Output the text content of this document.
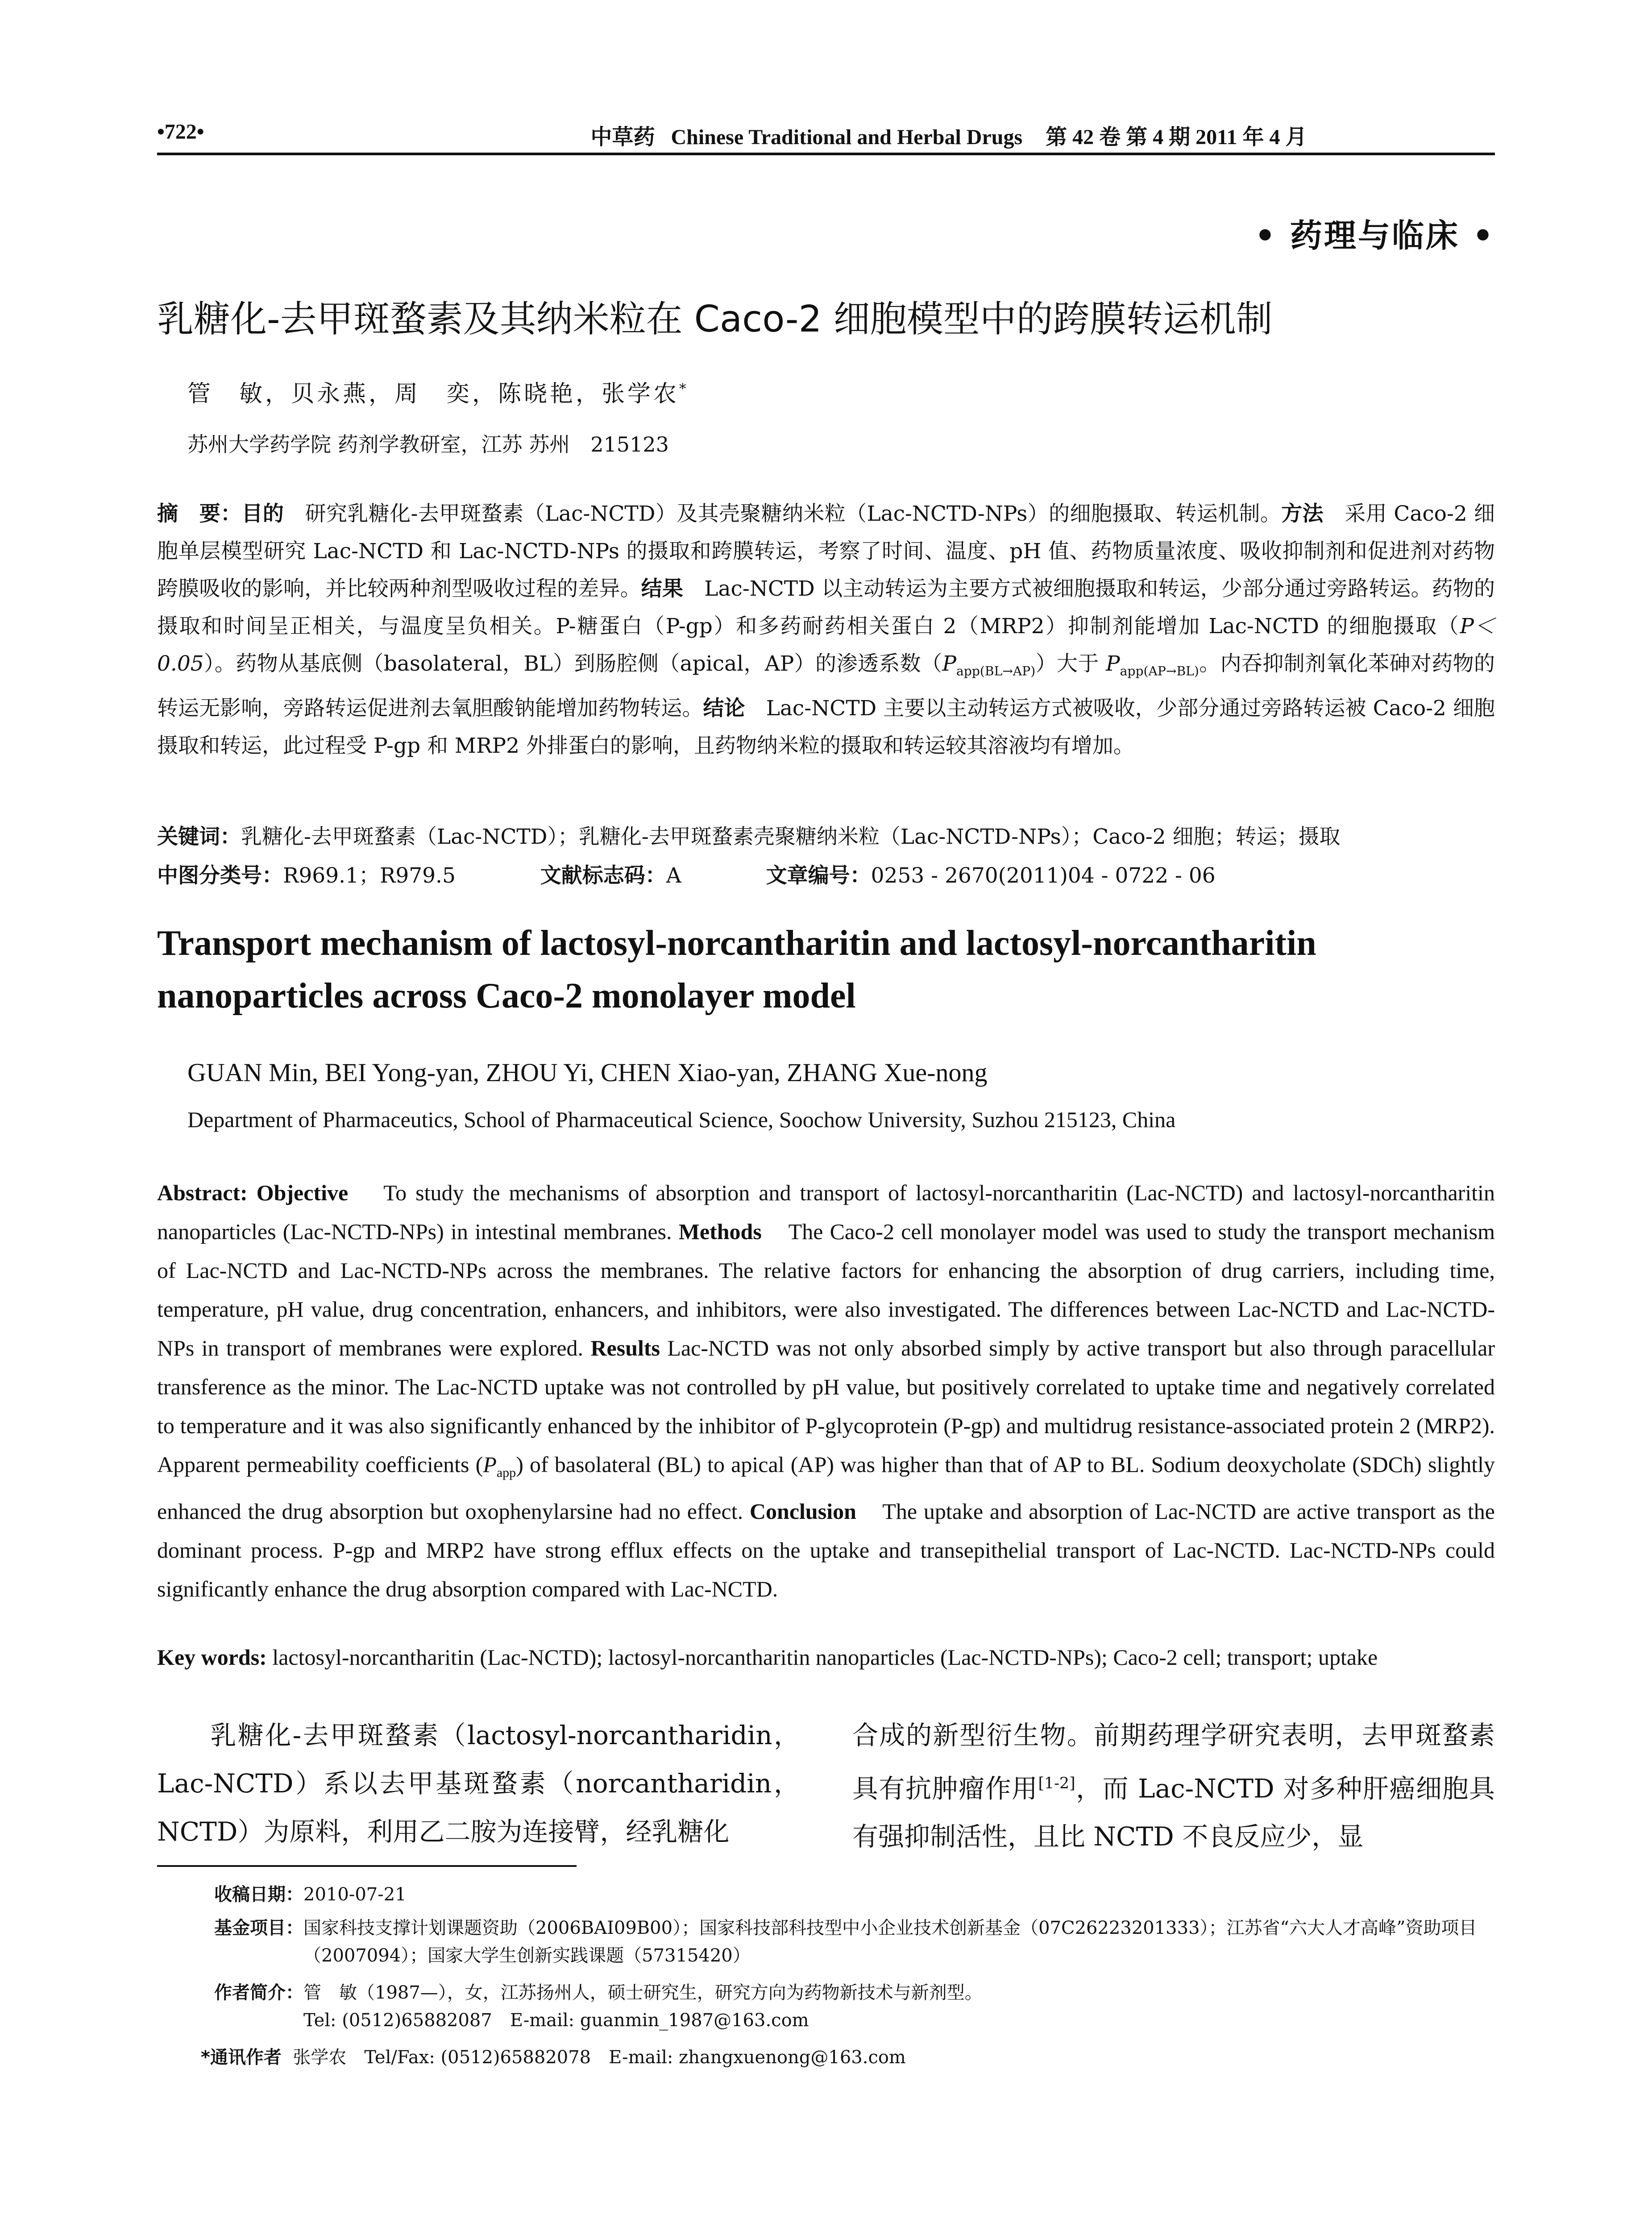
•722•	中草药 Chinese Traditional and Herbal Drugs 第 42 卷 第 4 期 2011 年 4 月
• 药理与临床 •
乳糖化-去甲斑蝥素及其纳米粒在 Caco-2 细胞模型中的跨膜转运机制
管　敏，贝永燕，周　奕，陈晓艳，张学农*
苏州大学药学院 药剂学教研室，江苏 苏州　215123
摘　要：目的　 研究乳糖化-去甲斑蝥素（Lac-NCTD）及其壳聚糖纳米粒（Lac-NCTD-NPs）的细胞摄取、转运机制。方法　 采用 Caco-2 细胞单层模型研究 Lac-NCTD 和 Lac-NCTD-NPs 的摄取和跨膜转运，考察了时间、温度、pH 值、药物质量浓度、吸收抑制剂和促进剂对药物跨膜吸收的影响，并比较两种剂型吸收过程的差异。结果　 Lac-NCTD 以主动转运为主要方式被细胞摄取和转运，少部分通过旁路转运。药物的摄取和时间呈正相关，与温度呈负相关。P-糖蛋白（P-gp）和多药耐药相关蛋白 2（MRP2）抑制剂能增加 Lac-NCTD 的细胞摄取（P＜0.05）。药物从基底侧（basolateral，BL）到肠腔侧（apical，AP）的渗透系数$(P_{app(BL\to AP)})$大于 $P_{app(AP\to BL)}$。内吞抑制剂氧化苯砷对药物的转运无影响，旁路转运促进剂去氧胆酸钠能增加药物转运。结论　 Lac-NCTD 主要以主动转运方式被吸收，少部分通过旁路转运被 Caco-2 细胞摄取和转运，此过程受 P-gp 和 MRP2 外排蛋白的影响，且药物纳米粒的摄取和转运较其溶液均有增加。
关键词：乳糖化-去甲斑蝥素（Lac-NCTD）；乳糖化-去甲斑蝥素壳聚糖纳米粒（Lac-NCTD-NPs）；Caco-2 细胞；转运；摄取
中图分类号：R969.1；R979.5	文献标志码：A	文章编号：0253 - 2670(2011)04 - 0722 - 06
Transport mechanism of lactosyl-norcantharitin and lactosyl-norcantharitin
nanoparticles across Caco-2 monolayer model
GUAN Min, BEI Yong-yan, ZHOU Yi, CHEN Xiao-yan, ZHANG Xue-nong
Department of Pharmaceutics, School of Pharmaceutical Science, Soochow University, Suzhou 215123, China
Abstract: Objective To study the mechanisms of absorption and transport of lactosyl-norcantharitin (Lac-NCTD) and lactosyl-norcantharitin nanoparticles (Lac-NCTD-NPs) in intestinal membranes. Methods The Caco-2 cell monolayer model was used to study the transport mechanism of Lac-NCTD and Lac-NCTD-NPs across the membranes. The relative factors for enhancing the absorption of drug carriers, including time, temperature, pH value, drug concentration, enhancers, and inhibitors, were also investigated. The differences between Lac-NCTD and Lac-NCTD-NPs in transport of membranes were explored. Results Lac-NCTD was not only absorbed simply by active transport but also through paracellular transference as the minor. The Lac-NCTD uptake was not controlled by pH value, but positively correlated to uptake time and negatively correlated to temperature and it was also significantly enhanced by the inhibitor of P-glycoprotein (P-gp) and multidrug resistance-associated protein 2 (MRP2). Apparent permeability coefficients $(P_{app})$ of basolateral (BL) to apical (AP) was higher than that of AP to BL. Sodium deoxycholate (SDCh) slightly enhanced the drug absorption but oxophenylarsine had no effect. Conclusion The uptake and absorption of Lac-NCTD are active transport as the dominant process. P-gp and MRP2 have strong efflux effects on the uptake and transepithelial transport of Lac-NCTD. Lac-NCTD-NPs could significantly enhance the drug absorption compared with Lac-NCTD.
Key words: lactosyl-norcantharitin (Lac-NCTD); lactosyl-norcantharitin nanoparticles (Lac-NCTD-NPs); Caco-2 cell; transport; uptake
乳糖化-去甲斑蝥素（lactosyl-norcantharidin，Lac-NCTD）系以去甲基斑蝥素（norcantharidin，NCTD）为原料，利用乙二胺为连接臂，经乳糖化
合成的新型衍生物。前期药理学研究表明，去甲斑蝥素具有抗肿瘤作用[1-2]，而 Lac-NCTD 对多种肝癌细胞具有强抑制活性，且比 NCTD 不良反应少，显
收稿日期：2010-07-21
基金项目：国家科技支撑计划课题资助（2006BAI09B00）；国家科技部科技型中小企业技术创新基金（07C26223201333）；江苏省“六大人才高峰”资助项目（2007094）；国家大学生创新实践课题（57315420）
作者简介：管　敏（1987—），女，江苏扬州人，硕士研究生，研究方向为药物新技术与新剂型。
Tel: (0512)65882087　E-mail: guanmin_1987@163.com
*通讯作者 张学农　Tel/Fax: (0512)65882078　E-mail: zhangxuenong@163.com
